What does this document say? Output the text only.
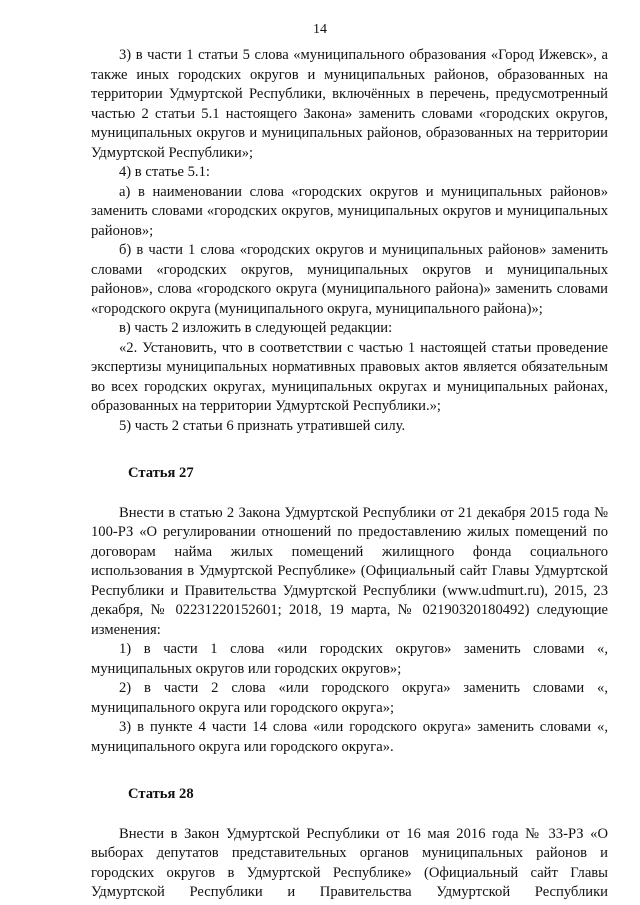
14

3) в части 1 статьи 5 слова «муниципального образования «Город Ижевск», а также иных городских округов и муниципальных районов, образованных на территории Удмуртской Республики, включённых в перечень, предусмотренный частью 2 статьи 5.1 настоящего Закона» заменить словами «городских округов, муниципальных округов и муниципальных районов, образованных на территории Удмуртской Республики»;

4) в статье 5.1:

а) в наименовании слова «городских округов и муниципальных районов» заменить словами «городских округов, муниципальных округов и муниципальных районов»;

б) в части 1 слова «городских округов и муниципальных районов» заменить словами «городских округов, муниципальных округов и муниципальных районов», слова «городского округа (муниципального района)» заменить словами «городского округа (муниципального округа, муниципального района)»;

в) часть 2 изложить в следующей редакции:

«2. Установить, что в соответствии с частью 1 настоящей статьи проведение экспертизы муниципальных нормативных правовых актов является обязательным во всех городских округах, муниципальных округах и муниципальных районах, образованных на территории Удмуртской Республики.»;

5) часть 2 статьи 6 признать утратившей силу.

Статья 27

Внести в статью 2 Закона Удмуртской Республики от 21 декабря 2015 года № 100-РЗ «О регулировании отношений по предоставлению жилых помещений по договорам найма жилых помещений жилищного фонда социального использования в Удмуртской Республике» (Официальный сайт Главы Удмуртской Республики и Правительства Удмуртской Республики (www.udmurt.ru), 2015, 23 декабря, № 02231220152601; 2018, 19 марта, № 02190320180492) следующие изменения:

1) в части 1 слова «или городских округов» заменить словами «, муниципальных округов или городских округов»;

2) в части 2 слова «или городского округа» заменить словами «, муниципального округа или городского округа»;

3) в пункте 4 части 14 слова «или городского округа» заменить словами «, муниципального округа или городского округа».

Статья 28

Внести в Закон Удмуртской Республики от 16 мая 2016 года № 33-РЗ «О выборах депутатов представительных органов муниципальных районов и городских округов в Удмуртской Республике» (Официальный сайт Главы Удмуртской Республики и Правительства Удмуртской Республики
